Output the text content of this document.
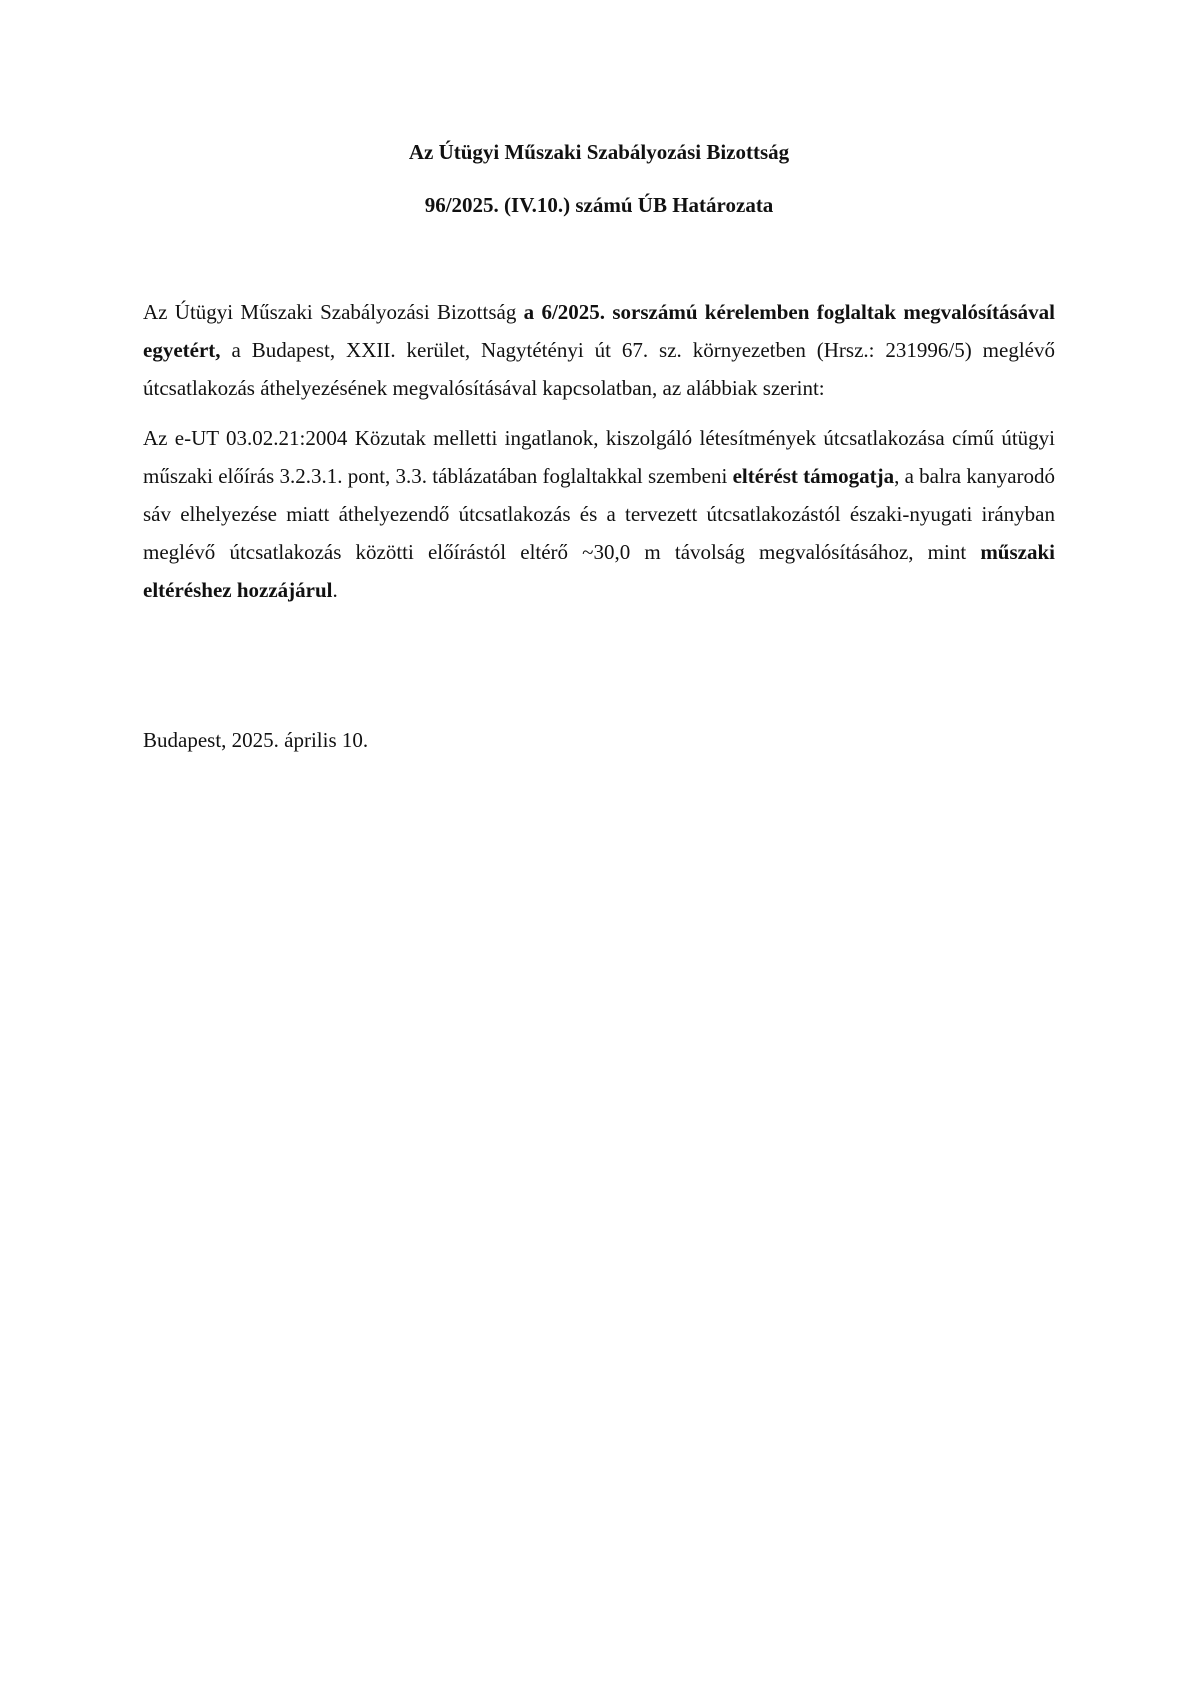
Az Útügyi Műszaki Szabályozási Bizottság

96/2025. (IV.10.) számú ÚB Határozata

Az Útügyi Műszaki Szabályozási Bizottság a 6/2025. sorszámú kérelemben foglaltak megvalósításával egyetért, a Budapest, XXII. kerület, Nagytétényi út 67. sz. környezetben (Hrsz.: 231996/5) meglévő útcsatlakozás áthelyezésének megvalósításával kapcsolatban, az alábbiak szerint:

Az e-UT 03.02.21:2004 Közutak melletti ingatlanok, kiszolgáló létesítmények útcsatlakozása című útügyi műszaki előírás 3.2.3.1. pont, 3.3. táblázatában foglaltakkal szembeni eltérést támogatja, a balra kanyarodó sáv elhelyezése miatt áthelyezendő útcsatlakozás és a tervezett útcsatlakozástól északi-nyugati irányban meglévő útcsatlakozás közötti előírástól eltérő ~30,0 m távolság megvalósításához, mint műszaki eltéréshez hozzájárul.

Budapest, 2025. április 10.
